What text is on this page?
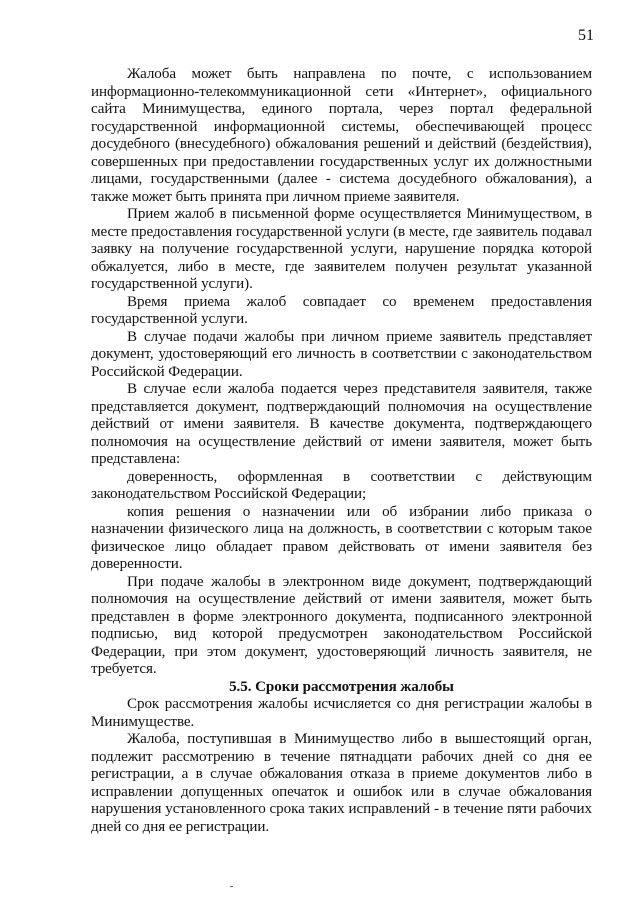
51

Жалоба может быть направлена по почте, с использованием информационно-телекоммуникационной сети «Интернет», официального сайта Минимущества, единого портала, через портал федеральной государственной информационной системы, обеспечивающей процесс досудебного (внесудебного) обжалования решений и действий (бездействия), совершенных при предоставлении государственных услуг их должностными лицами, государственными (далее - система досудебного обжалования), а также может быть принята при личном приеме заявителя.

Прием жалоб в письменной форме осуществляется Минимуществом, в месте предоставления государственной услуги (в месте, где заявитель подавал заявку на получение государственной услуги, нарушение порядка которой обжалуется, либо в месте, где заявителем получен результат указанной государственной услуги).

Время приема жалоб совпадает со временем предоставления государственной услуги.

В случае подачи жалобы при личном приеме заявитель представляет документ, удостоверяющий его личность в соответствии с законодательством Российской Федерации.

В случае если жалоба подается через представителя заявителя, также представляется документ, подтверждающий полномочия на осуществление действий от имени заявителя. В качестве документа, подтверждающего полномочия на осуществление действий от имени заявителя, может быть представлена:

доверенность, оформленная в соответствии с действующим законодательством Российской Федерации;

копия решения о назначении или об избрании либо приказа о назначении физического лица на должность, в соответствии с которым такое физическое лицо обладает правом действовать от имени заявителя без доверенности.

При подаче жалобы в электронном виде документ, подтверждающий полномочия на осуществление действий от имени заявителя, может быть представлен в форме электронного документа, подписанного электронной подписью, вид которой предусмотрен законодательством Российской Федерации, при этом документ, удостоверяющий личность заявителя, не требуется.

5.5. Сроки рассмотрения жалобы

Срок рассмотрения жалобы исчисляется со дня регистрации жалобы в Минимуществе.

Жалоба, поступившая в Минимущество либо в вышестоящий орган, подлежит рассмотрению в течение пятнадцати рабочих дней со дня ее регистрации, а в случае обжалования отказа в приеме документов либо в исправлении допущенных опечаток и ошибок или в случае обжалования нарушения установленного срока таких исправлений - в течение пяти рабочих дней со дня ее регистрации.
